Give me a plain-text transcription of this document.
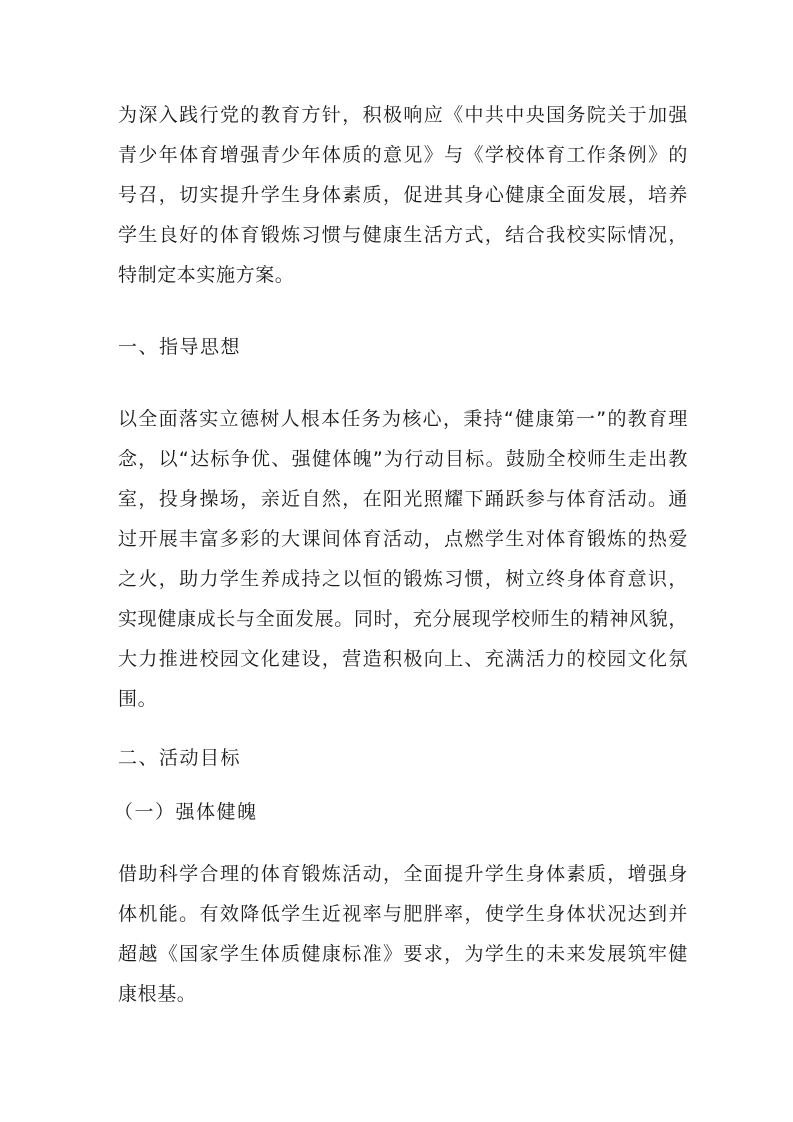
为深入践行党的教育方针，积极响应《中共中央国务院关于加强
青少年体育增强青少年体质的意见》与《学校体育工作条例》的
号召，切实提升学生身体素质，促进其身心健康全面发展，培养
学生良好的体育锻炼习惯与健康生活方式，结合我校实际情况，
特制定本实施方案。
一、指导思想
以全面落实立德树人根本任务为核心，秉持“健康第一”的教育理
念，以“达标争优、强健体魄”为行动目标。鼓励全校师生走出教
室，投身操场，亲近自然，在阳光照耀下踊跃参与体育活动。通
过开展丰富多彩的大课间体育活动，点燃学生对体育锻炼的热爱
之火，助力学生养成持之以恒的锻炼习惯，树立终身体育意识，
实现健康成长与全面发展。同时，充分展现学校师生的精神风貌，
大力推进校园文化建设，营造积极向上、充满活力的校园文化氛
围。
二、活动目标
（一）强体健魄
借助科学合理的体育锻炼活动，全面提升学生身体素质，增强身
体机能。有效降低学生近视率与肥胖率，使学生身体状况达到并
超越《国家学生体质健康标准》要求，为学生的未来发展筑牢健
康根基。
